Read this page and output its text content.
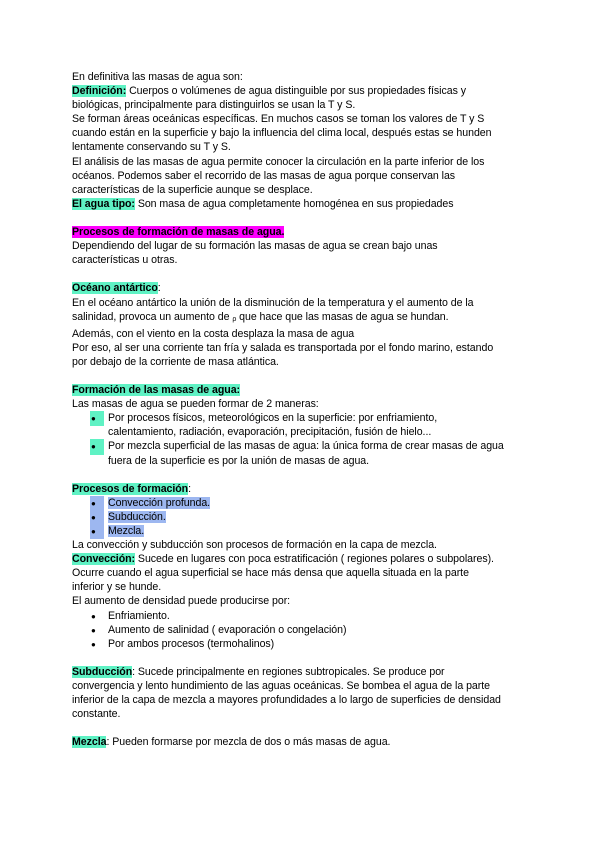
En definitiva las masas de agua son:

Definición: Cuerpos o volúmenes de agua distinguible por sus propiedades físicas y

biológicas, principalmente para distinguirlos se usan la T y S.

Se forman áreas oceánicas específicas. En muchos casos se toman los valores de T y S

cuando están en la superficie y bajo la influencia del clima local, después estas se hunden

lentamente conservando su T y S.

El análisis de las masas de agua permite conocer la circulación en la parte inferior de los

océanos. Podemos saber el recorrido de las masas de agua porque conservan las

características de la superficie aunque se desplace.

El agua tipo: Son masa de agua completamente homogénea en sus propiedades

Procesos de formación de masas de agua.

Dependiendo del lugar de su formación las masas de agua se crean bajo unas

características u otras.

Océano antártico:

En el océano antártico la unión de la disminución de la temperatura y el aumento de la

salinidad, provoca un aumento de ρ que hace que las masas de agua se hundan.

Además, con el viento en la costa desplaza la masa de agua

Por eso, al ser una corriente tan fría y salada es transportada por el fondo marino, estando

por debajo de la corriente de masa atlántica.

Formación de las masas de agua:

Las masas de agua se pueden formar de 2 maneras:

●
Por procesos físicos, meteorológicos en la superficie: por enfriamiento,
calentamiento, radiación, evaporación, precipitación, fusión de hielo...
●
Por mezcla superficial de las masas de agua: la única forma de crear masas de agua
fuera de la superficie es por la unión de masas de agua.

Procesos de formación:

●
Convección profunda.
●
Subducción.
●
Mezcla.

La convección y subducción son procesos de formación en la capa de mezcla.

Convección: Sucede en lugares con poca estratificación ( regiones polares o subpolares).

Ocurre cuando el agua superficial se hace más densa que aquella situada en la parte

inferior y se hunde.

El aumento de densidad puede producirse por:

●
Enfriamiento.
●
Aumento de salinidad ( evaporación o congelación)
●
Por ambos procesos (termohalinos)

Subducción: Sucede principalmente en regiones subtropicales. Se produce por

convergencia y lento hundimiento de las aguas oceánicas. Se bombea el agua de la parte

inferior de la capa de mezcla a mayores profundidades a lo largo de superficies de densidad

constante.

Mezcla: Pueden formarse por mezcla de dos o más masas de agua.
